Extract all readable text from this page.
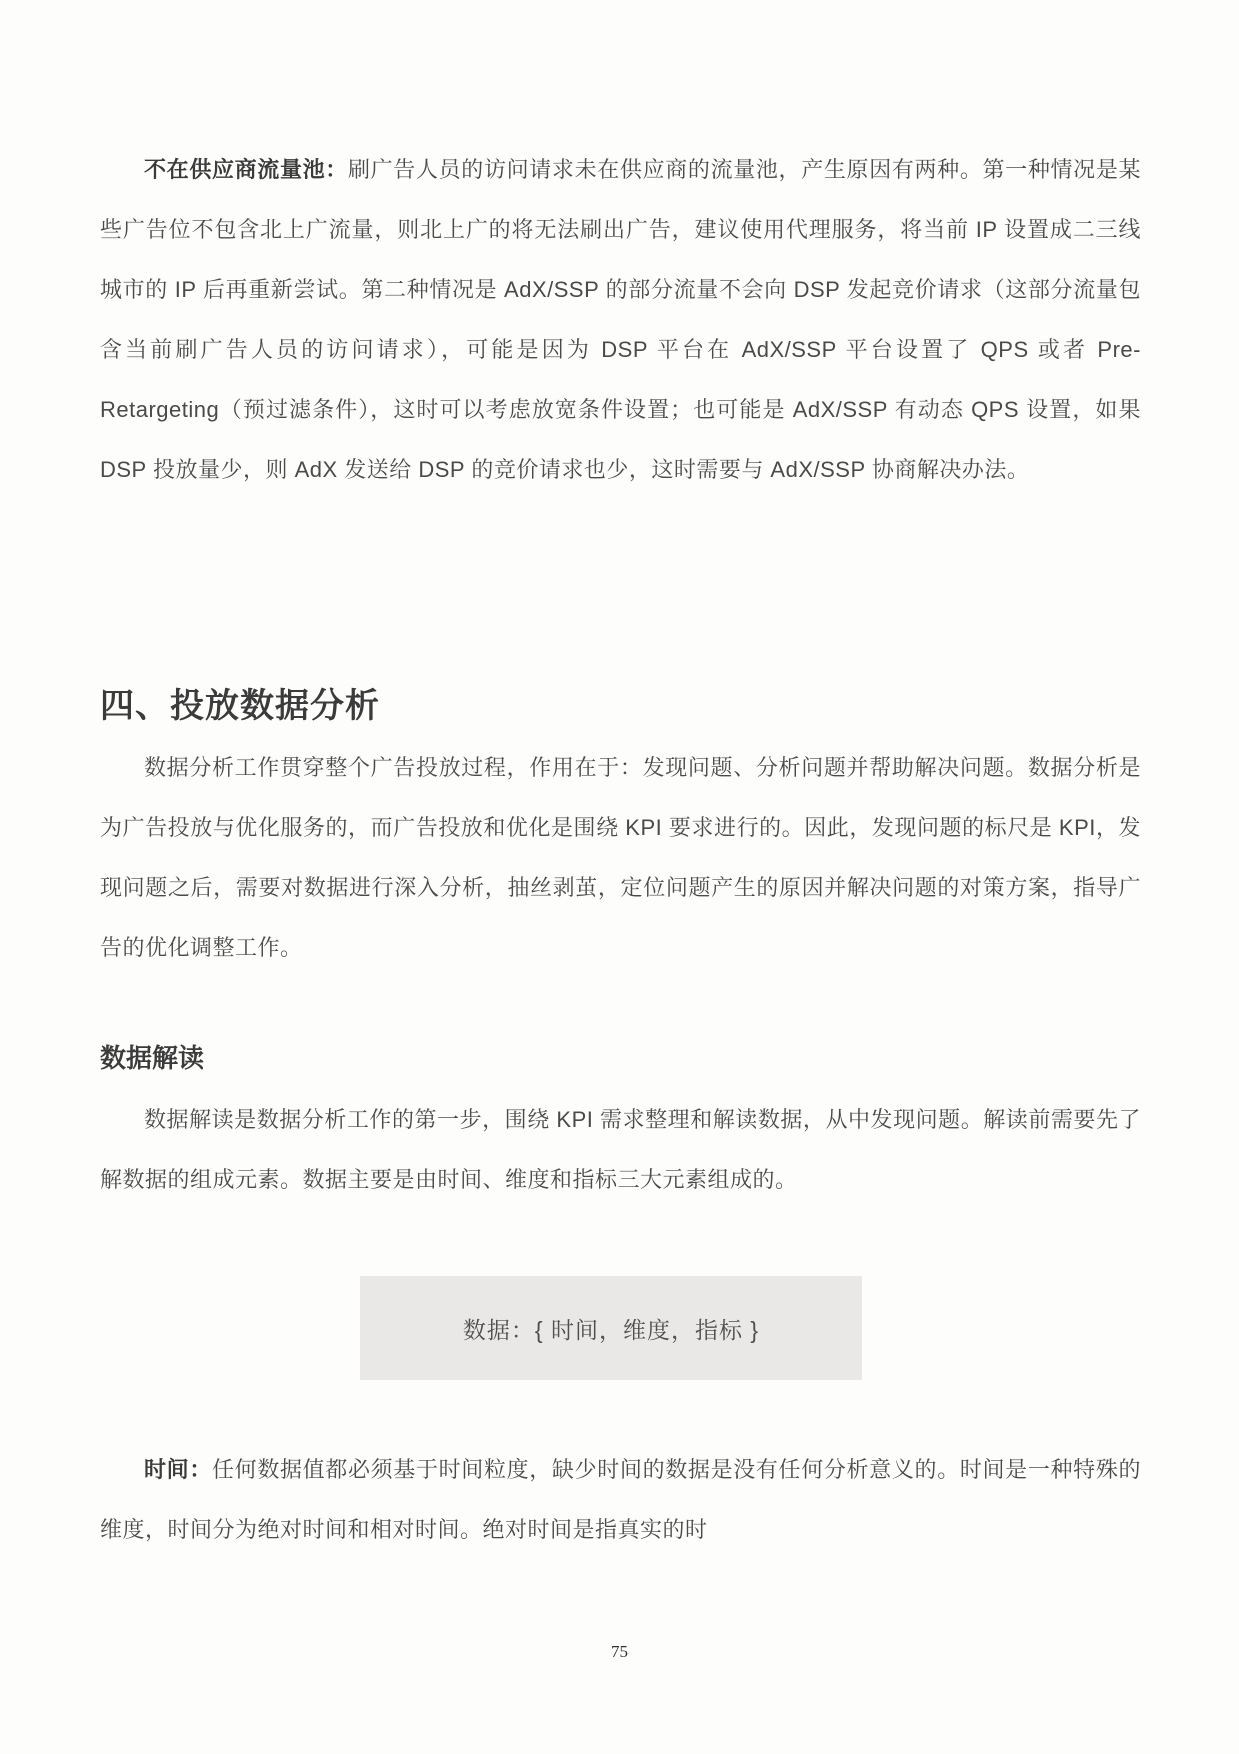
不在供应商流量池：刷广告人员的访问请求未在供应商的流量池，产生原因有两种。第一种情况是某些广告位不包含北上广流量，则北上广的将无法刷出广告，建议使用代理服务，将当前 IP 设置成二三线城市的 IP 后再重新尝试。第二种情况是 AdX/SSP 的部分流量不会向 DSP 发起竞价请求（这部分流量包含当前刷广告人员的访问请求），可能是因为 DSP 平台在 AdX/SSP 平台设置了 QPS 或者 Pre-Retargeting（预过滤条件），这时可以考虑放宽条件设置；也可能是 AdX/SSP 有动态 QPS 设置，如果 DSP 投放量少，则 AdX 发送给 DSP 的竞价请求也少，这时需要与 AdX/SSP 协商解决办法。

四、投放数据分析

数据分析工作贯穿整个广告投放过程，作用在于：发现问题、分析问题并帮助解决问题。数据分析是为广告投放与优化服务的，而广告投放和优化是围绕 KPI 要求进行的。因此，发现问题的标尺是 KPI，发现问题之后，需要对数据进行深入分析，抽丝剥茧，定位问题产生的原因并解决问题的对策方案，指导广告的优化调整工作。

数据解读

数据解读是数据分析工作的第一步，围绕 KPI 需求整理和解读数据，从中发现问题。解读前需要先了解数据的组成元素。数据主要是由时间、维度和指标三大元素组成的。

数据：{ 时间，维度，指标 }

时间：任何数据值都必须基于时间粒度，缺少时间的数据是没有任何分析意义的。时间是一种特殊的维度，时间分为绝对时间和相对时间。绝对时间是指真实的时

75
